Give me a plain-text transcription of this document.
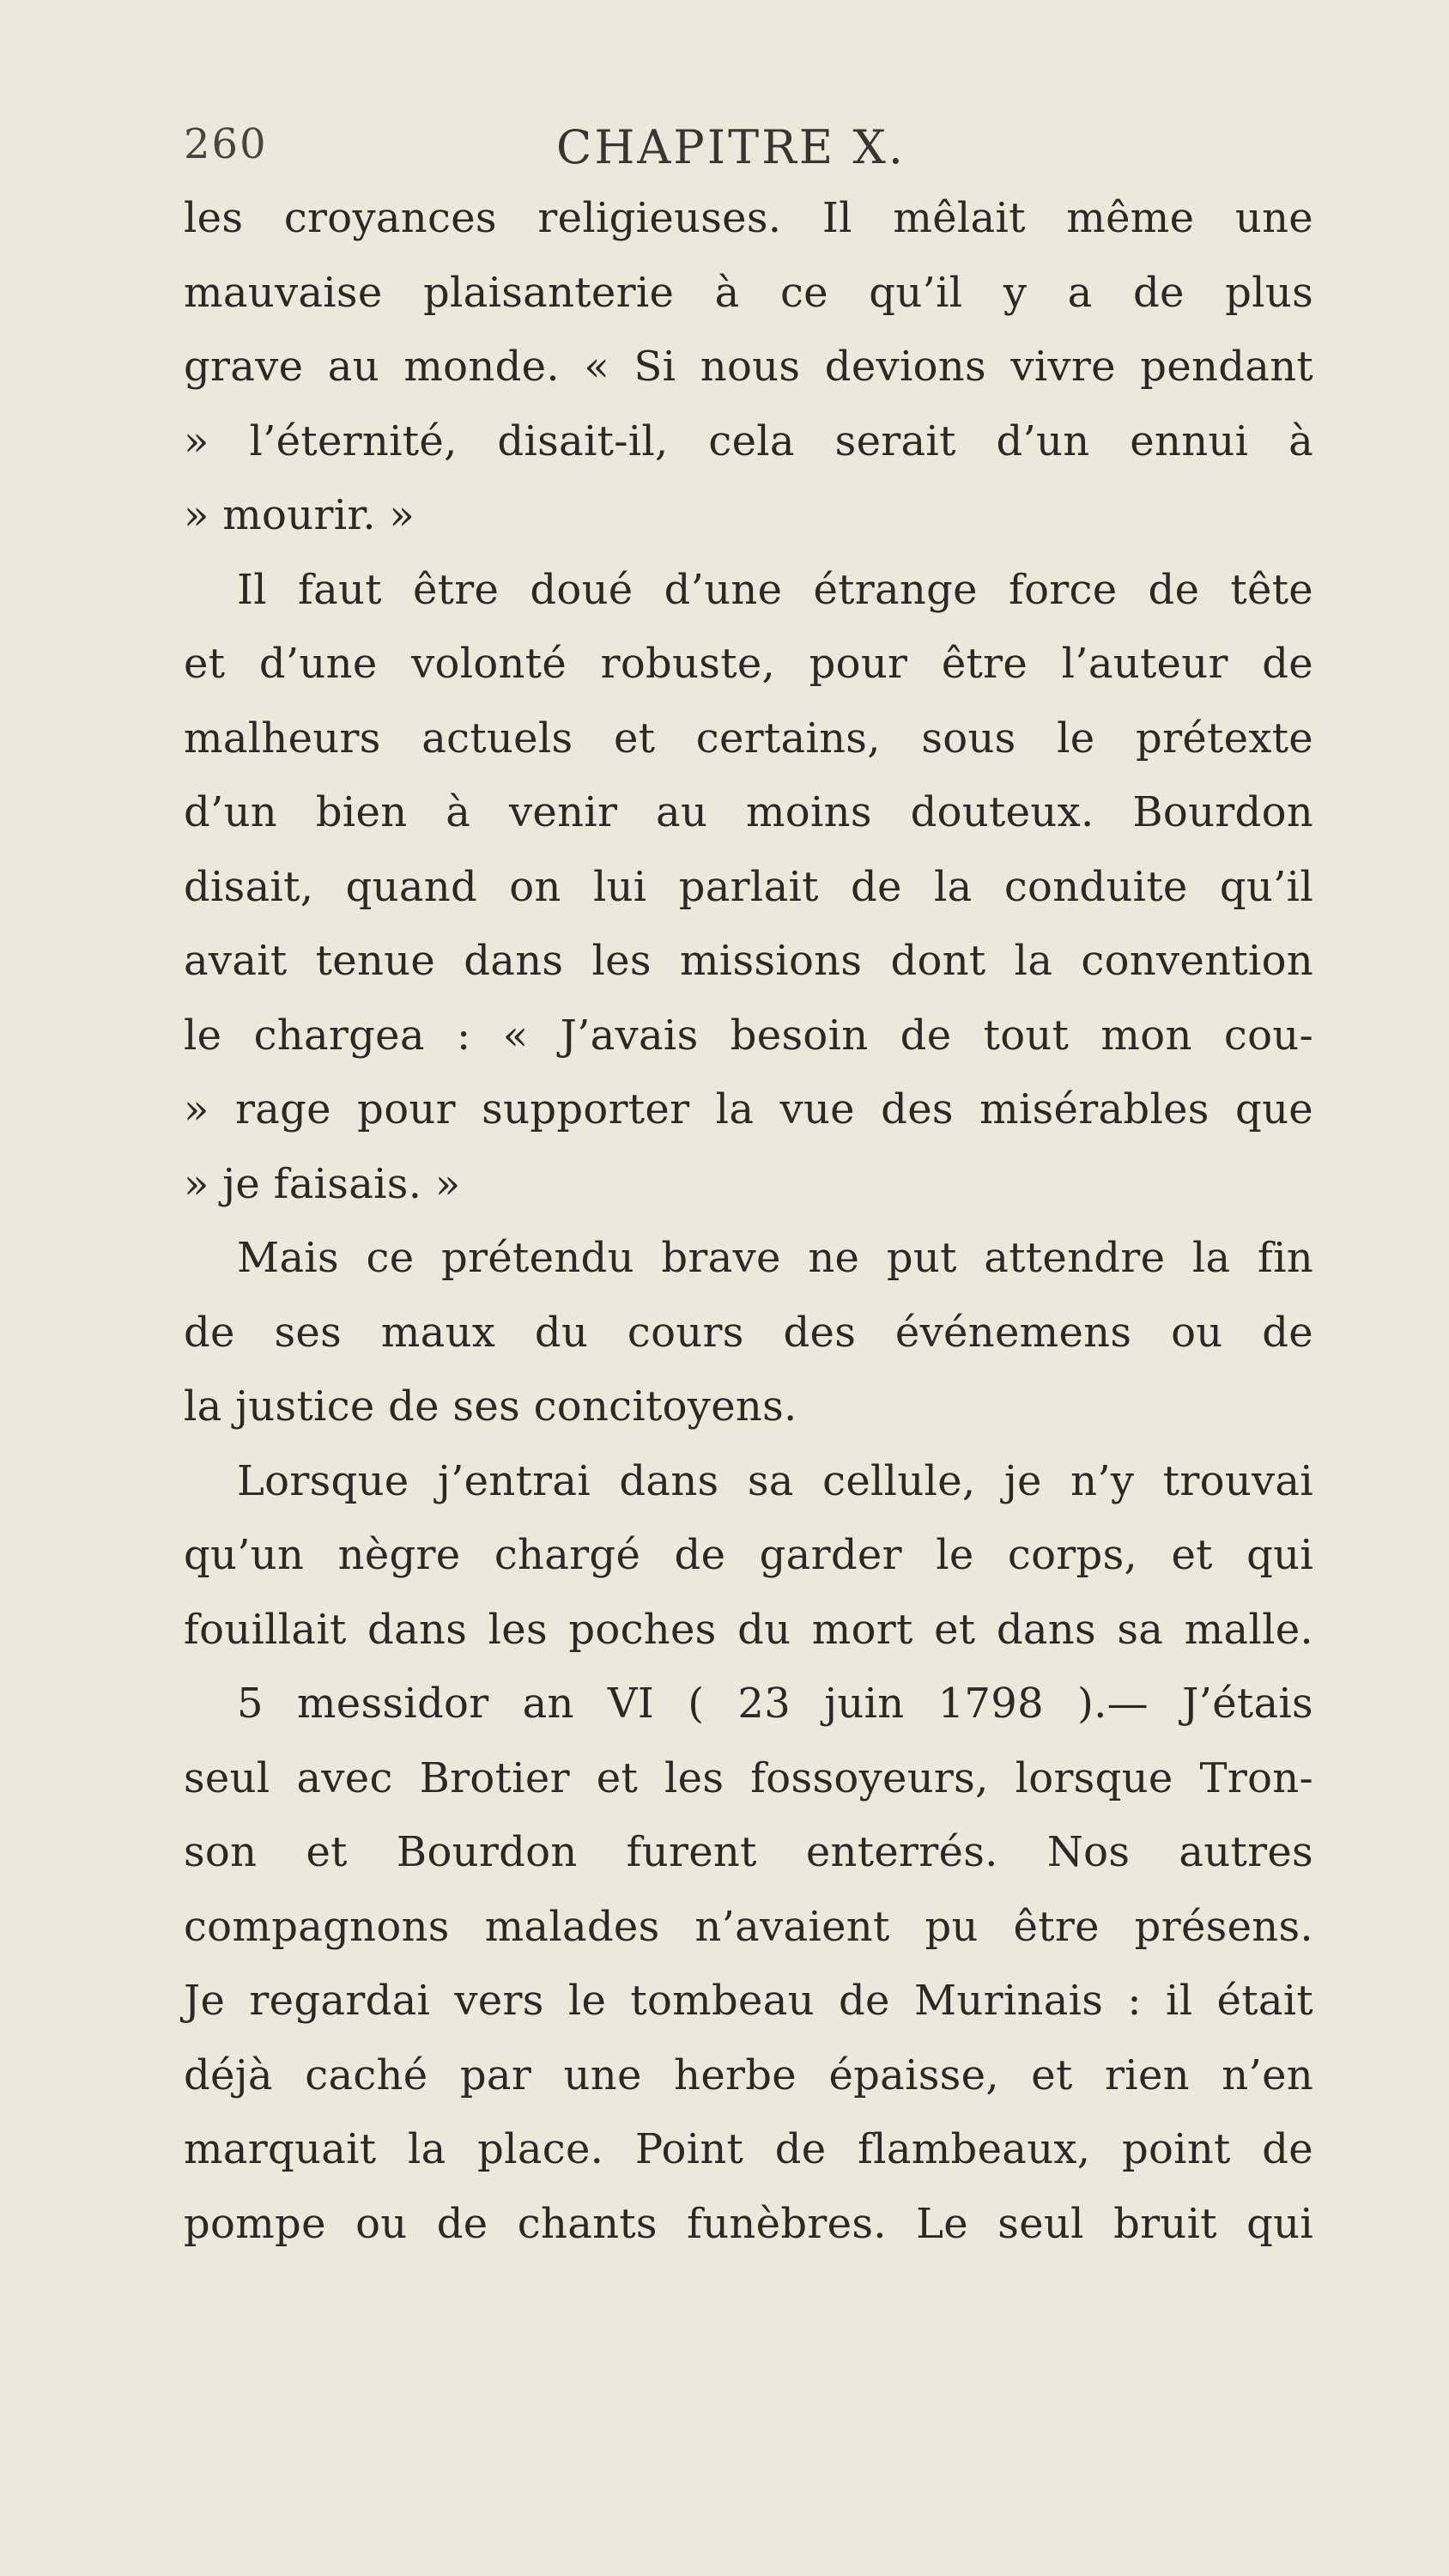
260	CHAPITRE X.
les croyances religieuses. Il mêlait même une
mauvaise plaisanterie à ce qu’il y a de plus
grave au monde. « Si nous devions vivre pendant
» l’éternité, disait-il, cela serait d’un ennui à
» mourir. »
Il faut être doué d’une étrange force de tête
et d’une volonté robuste, pour être l’auteur de
malheurs actuels et certains, sous le prétexte
d’un bien à venir au moins douteux. Bourdon
disait, quand on lui parlait de la conduite qu’il
avait tenue dans les missions dont la convention
le chargea : « J’avais besoin de tout mon cou-
» rage pour supporter la vue des misérables que
» je faisais. »
Mais ce prétendu brave ne put attendre la fin
de ses maux du cours des événemens ou de
la justice de ses concitoyens.
Lorsque j’entrai dans sa cellule, je n’y trouvai
qu’un nègre chargé de garder le corps, et qui
fouillait dans les poches du mort et dans sa malle.
5 messidor an VI ( 23 juin 1798 ).— J’étais
seul avec Brotier et les fossoyeurs, lorsque Tron-
son et Bourdon furent enterrés. Nos autres
compagnons malades n’avaient pu être présens.
Je regardai vers le tombeau de Murinais : il était
déjà caché par une herbe épaisse, et rien n’en
marquait la place. Point de flambeaux, point de
pompe ou de chants funèbres. Le seul bruit qui
